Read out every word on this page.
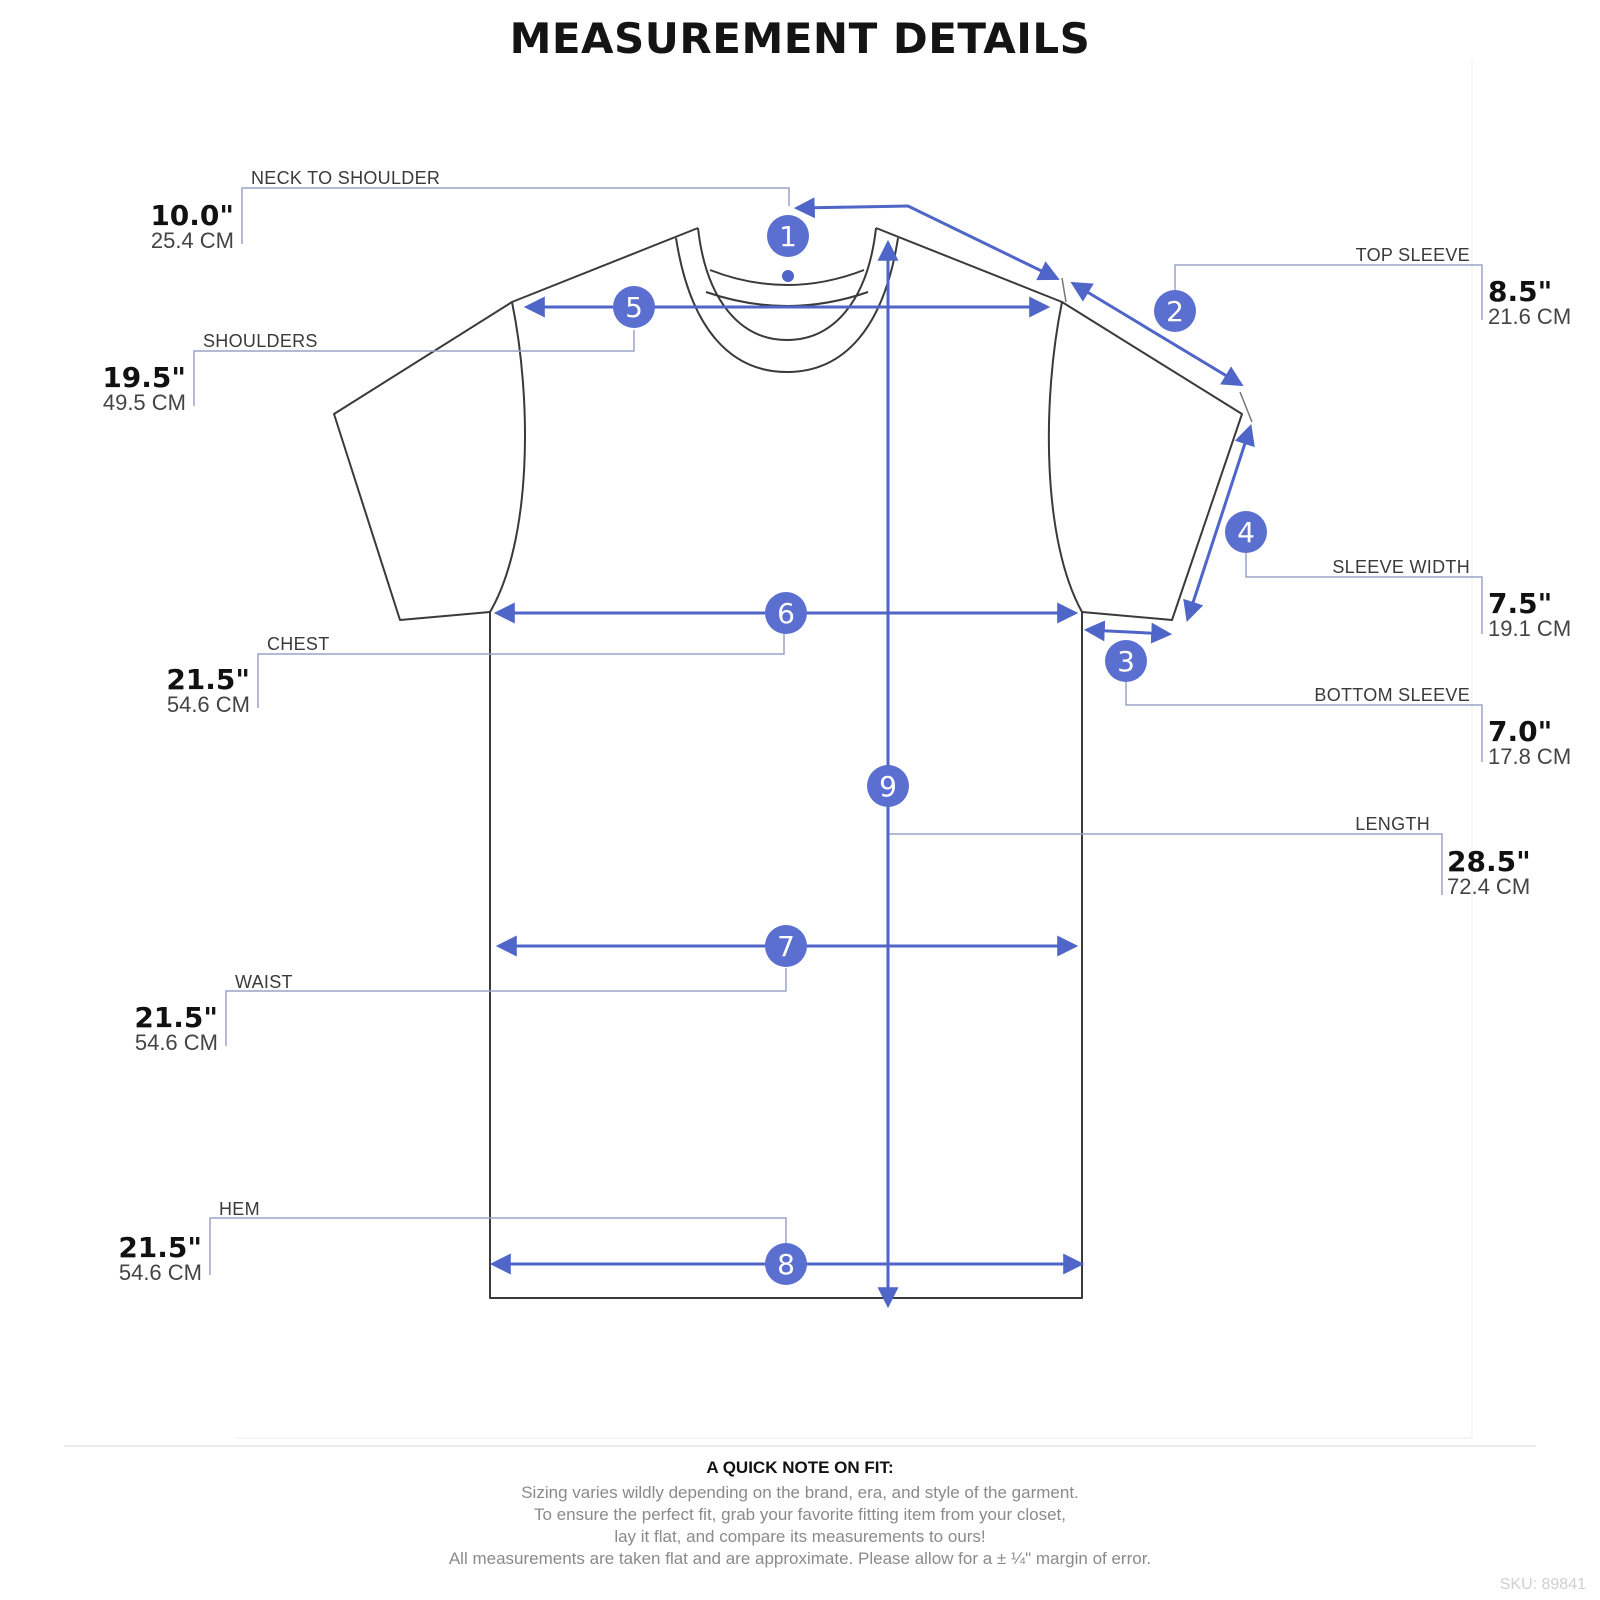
MEASUREMENT DETAILS
1
2
3
4
5
6
7
8
9
NECK TO SHOULDER
10.0"
25.4 CM
SHOULDERS
19.5"
49.5 CM
CHEST
21.5"
54.6 CM
WAIST
21.5"
54.6 CM
HEM
21.5"
54.6 CM
TOP SLEEVE
8.5"
21.6 CM
SLEEVE WIDTH
7.5"
19.1 CM
BOTTOM SLEEVE
7.0"
17.8 CM
LENGTH
28.5"
72.4 CM
A QUICK NOTE ON FIT:
Sizing varies wildly depending on the brand, era, and style of the garment.
To ensure the perfect fit, grab your favorite fitting item from your closet,
lay it flat, and compare its measurements to ours!
All measurements are taken flat and are approximate. Please allow for a ± ¼" margin of error.
SKU: 89841
